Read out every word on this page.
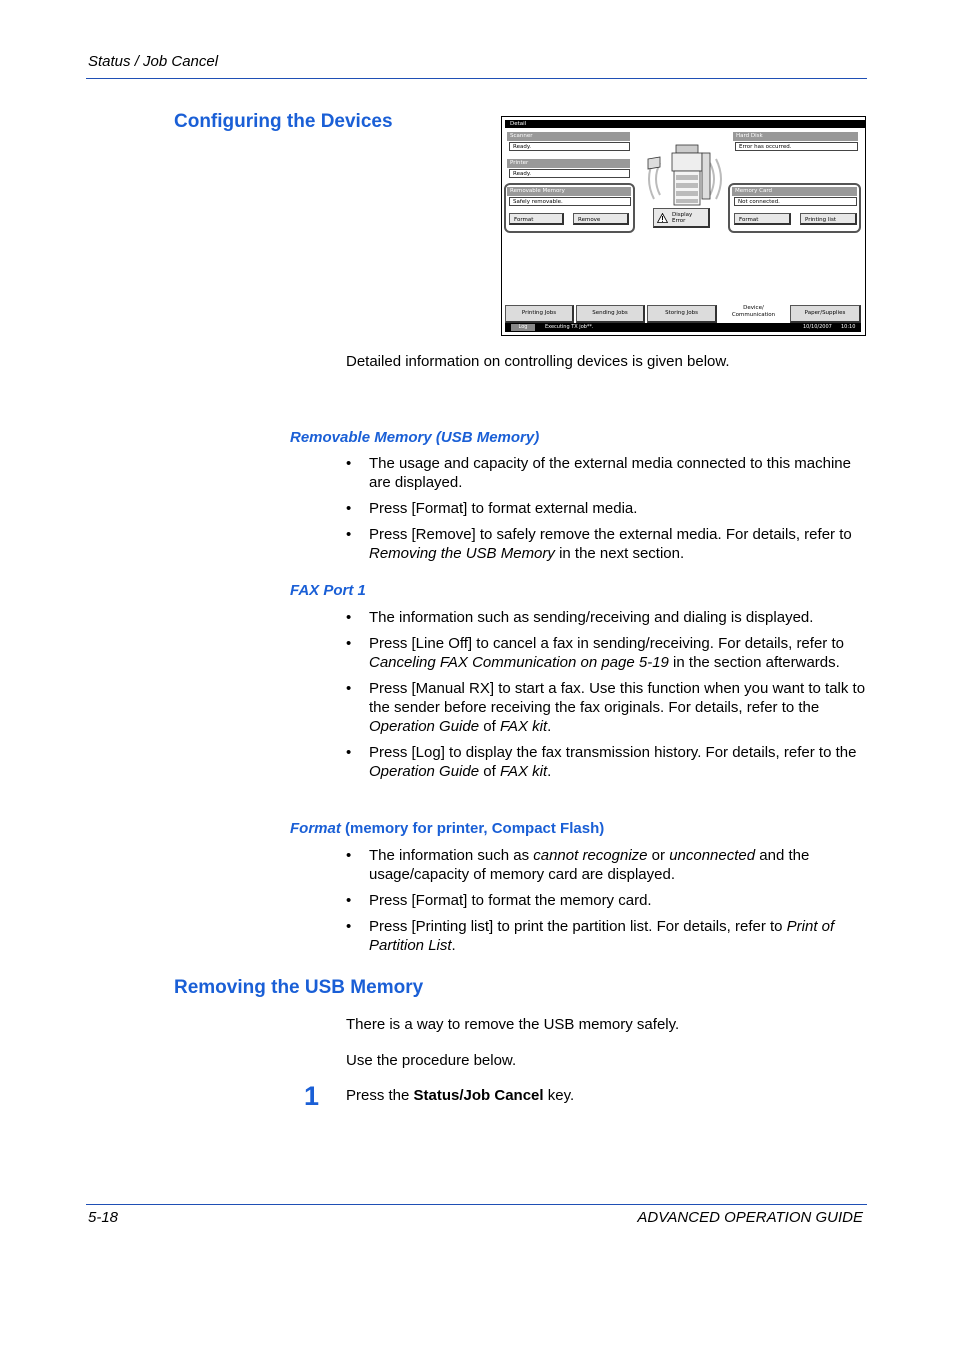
Status / Job Cancel
Configuring the Devices	Detail
Scanner
Ready.
Printer
Ready.
Hard Disk
Error has occurred.
Removable Memory
Safely removable.
Format	Remove
Display
Error
Memory Card
Not connected.
Format	Printing list
Printing Jobs	Sending Jobs	Storing Jobs
Device/
Communication	Paper/Supplies
Log	Executing TX job**.	10/10/2007 10:10
Detailed information on controlling devices is given below.
Removable Memory (USB Memory)
• The usage and capacity of the external media connected to this machine are displayed.
• Press [Format] to format external media.
• Press [Remove] to safely remove the external media. For details, refer to Removing the USB Memory in the next section.
FAX Port 1
• The information such as sending/receiving and dialing is displayed.
• Press [Line Off] to cancel a fax in sending/receiving. For details, refer to Canceling FAX Communication on page 5-19 in the section afterwards.
• Press [Manual RX] to start a fax. Use this function when you want to talk to the sender before receiving the fax originals. For details, refer to the Operation Guide of FAX kit.
• Press [Log] to display the fax transmission history. For details, refer to the Operation Guide of FAX kit.
Format (memory for printer, Compact Flash)
• The information such as cannot recognize or unconnected and the usage/capacity of memory card are displayed.
• Press [Format] to format the memory card.
• Press [Printing list] to print the partition list. For details, refer to Print of Partition List.
Removing the USB Memory
There is a way to remove the USB memory safely.
Use the procedure below.
1 Press the Status/Job Cancel key.
5-18	ADVANCED OPERATION GUIDE
